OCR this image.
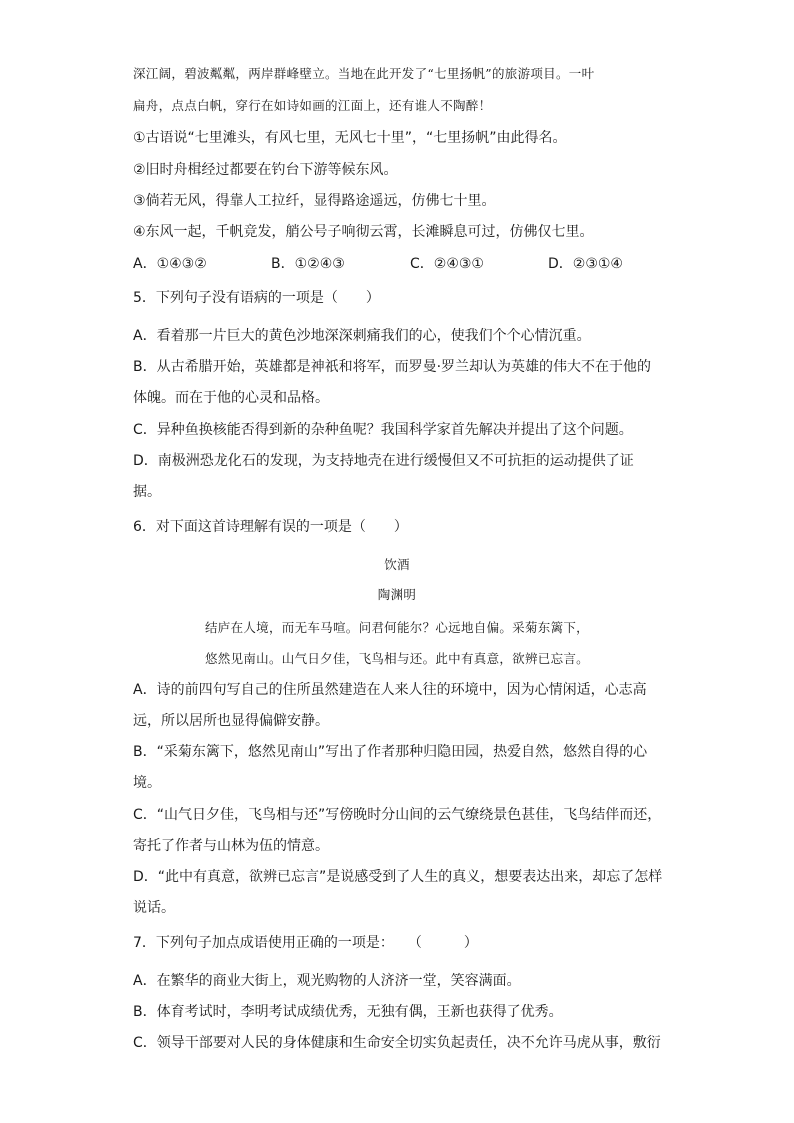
深江阔，碧波粼粼，两岸群峰壁立。当地在此开发了“七里扬帆”的旅游项目。一叶
扁舟，点点白帆，穿行在如诗如画的江面上，还有谁人不陶醉！
①古语说“七里滩头，有风七里，无风七十里”，“七里扬帆”由此得名。
②旧时舟楫经过都要在钓台下游等候东风。
③倘若无风，得靠人工拉纤，显得路途遥远，仿佛七十里。
④东风一起，千帆竞发，艄公号子响彻云霄，长滩瞬息可过，仿佛仅七里。
A．①④③②	B．①②④③	C．②④③①	D．②③①④
5．下列句子没有语病的一项是（　　）
A．看着那一片巨大的黄色沙地深深刺痛我们的心，使我们个个心情沉重。
B．从古希腊开始，英雄都是神祇和将军，而罗曼·罗兰却认为英雄的伟大不在于他的
体魄。而在于他的心灵和品格。
C．异种鱼换核能否得到新的杂种鱼呢？我国科学家首先解决并提出了这个问题。
D．南极洲恐龙化石的发现，为支持地壳在进行缓慢但又不可抗拒的运动提供了证
据。
6．对下面这首诗理解有误的一项是（　　）
饮酒
陶渊明
结庐在人境，而无车马喧。问君何能尔？心远地自偏。采菊东篱下，
悠然见南山。山气日夕佳，飞鸟相与还。此中有真意，欲辨已忘言。
A．诗的前四句写自己的住所虽然建造在人来人往的环境中，因为心情闲适，心志高
远，所以居所也显得偏僻安静。
B．“采菊东篱下，悠然见南山”写出了作者那种归隐田园，热爱自然，悠然自得的心
境。
C．“山气日夕佳，飞鸟相与还”写傍晚时分山间的云气缭绕景色甚佳，飞鸟结伴而还，
寄托了作者与山林为伍的情意。
D．“此中有真意，欲辨已忘言”是说感受到了人生的真义，想要表达出来，却忘了怎样
说话。
7．下列句子加点成语使用正确的一项是：　　（　　　）
A．在繁华的商业大街上，观光购物的人济济一堂，笑容满面。
B．体育考试时，李明考试成绩优秀，无独有偶，王新也获得了优秀。
C．领导干部要对人民的身体健康和生命安全切实负起责任，决不允许马虎从事，敷衍
